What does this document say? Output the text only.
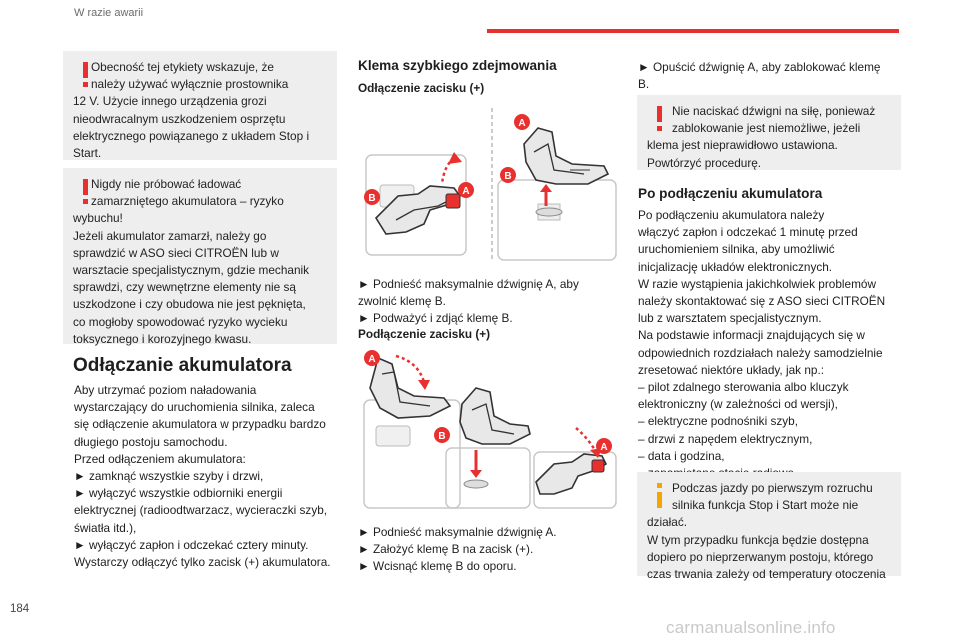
W razie awarii
Obecność tej etykiety wskazuje, że
należy używać wyłącznie prostownika
12 V. Użycie innego urządzenia grozi
nieodwracalnym uszkodzeniem osprzętu
elektrycznego powiązanego z układem Stop i
Start.
Nigdy nie próbować ładować
zamarzniętego akumulatora – ryzyko
wybuchu!
Jeżeli akumulator zamarzł, należy go
sprawdzić w ASO sieci CITROËN lub w
warsztacie specjalistycznym, gdzie mechanik
sprawdzi, czy wewnętrzne elementy nie są
uszkodzone i czy obudowa nie jest pęknięta,
co mogłoby spowodować ryzyko wycieku
toksycznego i korozyjnego kwasu.
Odłączanie akumulatora
Aby utrzymać poziom naładowania
wystarczający do uruchomienia silnika, zaleca
się odłączenie akumulatora w przypadku bardzo
długiego postoju samochodu.
Przed odłączeniem akumulatora:
► zamknąć wszystkie szyby i drzwi,
► wyłączyć wszystkie odbiorniki energii
elektrycznej (radioodtwarzacz, wycieraczki szyb,
światła itd.),
► wyłączyć zapłon i odczekać cztery minuty.
Wystarczy odłączyć tylko zacisk (+) akumulatora.
Klema szybkiego zdejmowania
Odłączenie zacisku (+)
B
A
A
B
► Podnieść maksymalnie dźwignię A, aby
zwolnić klemę B.
► Podważyć i zdjąć klemę B.
Podłączenie zacisku (+)
A
B
A
► Podnieść maksymalnie dźwignię A.
► Założyć klemę B na zacisk (+).
► Wcisnąć klemę B do oporu.
► Opuścić dźwignię A, aby zablokować klemę
B.
Nie naciskać dźwigni na siłę, ponieważ
zablokowanie jest niemożliwe, jeżeli
klema jest nieprawidłowo ustawiona.
Powtórzyć procedurę.
Po podłączeniu akumulatora
Po podłączeniu akumulatora należy
włączyć zapłon i odczekać 1 minutę przed
uruchomieniem silnika, aby umożliwić
inicjalizację układów elektronicznych.
W razie wystąpienia jakichkolwiek problemów
należy skontaktować się z ASO sieci CITROËN
lub z warsztatem specjalistycznym.
Na podstawie informacji znajdujących się w
odpowiednich rozdziałach należy samodzielnie
zresetować niektóre układy, jak np.:
– pilot zdalnego sterowania albo kluczyk
elektroniczny (w zależności od wersji),
– elektryczne podnośniki szyb,
– drzwi z napędem elektrycznym,
– data i godzina,
Podczas jazdy po pierwszym rozruchu
silnika funkcja Stop i Start może nie
działać.
W tym przypadku funkcja będzie dostępna
dopiero po nieprzerwanym postoju, którego
czas trwania zależy od temperatury otoczenia
184
carmanualsonline.info
